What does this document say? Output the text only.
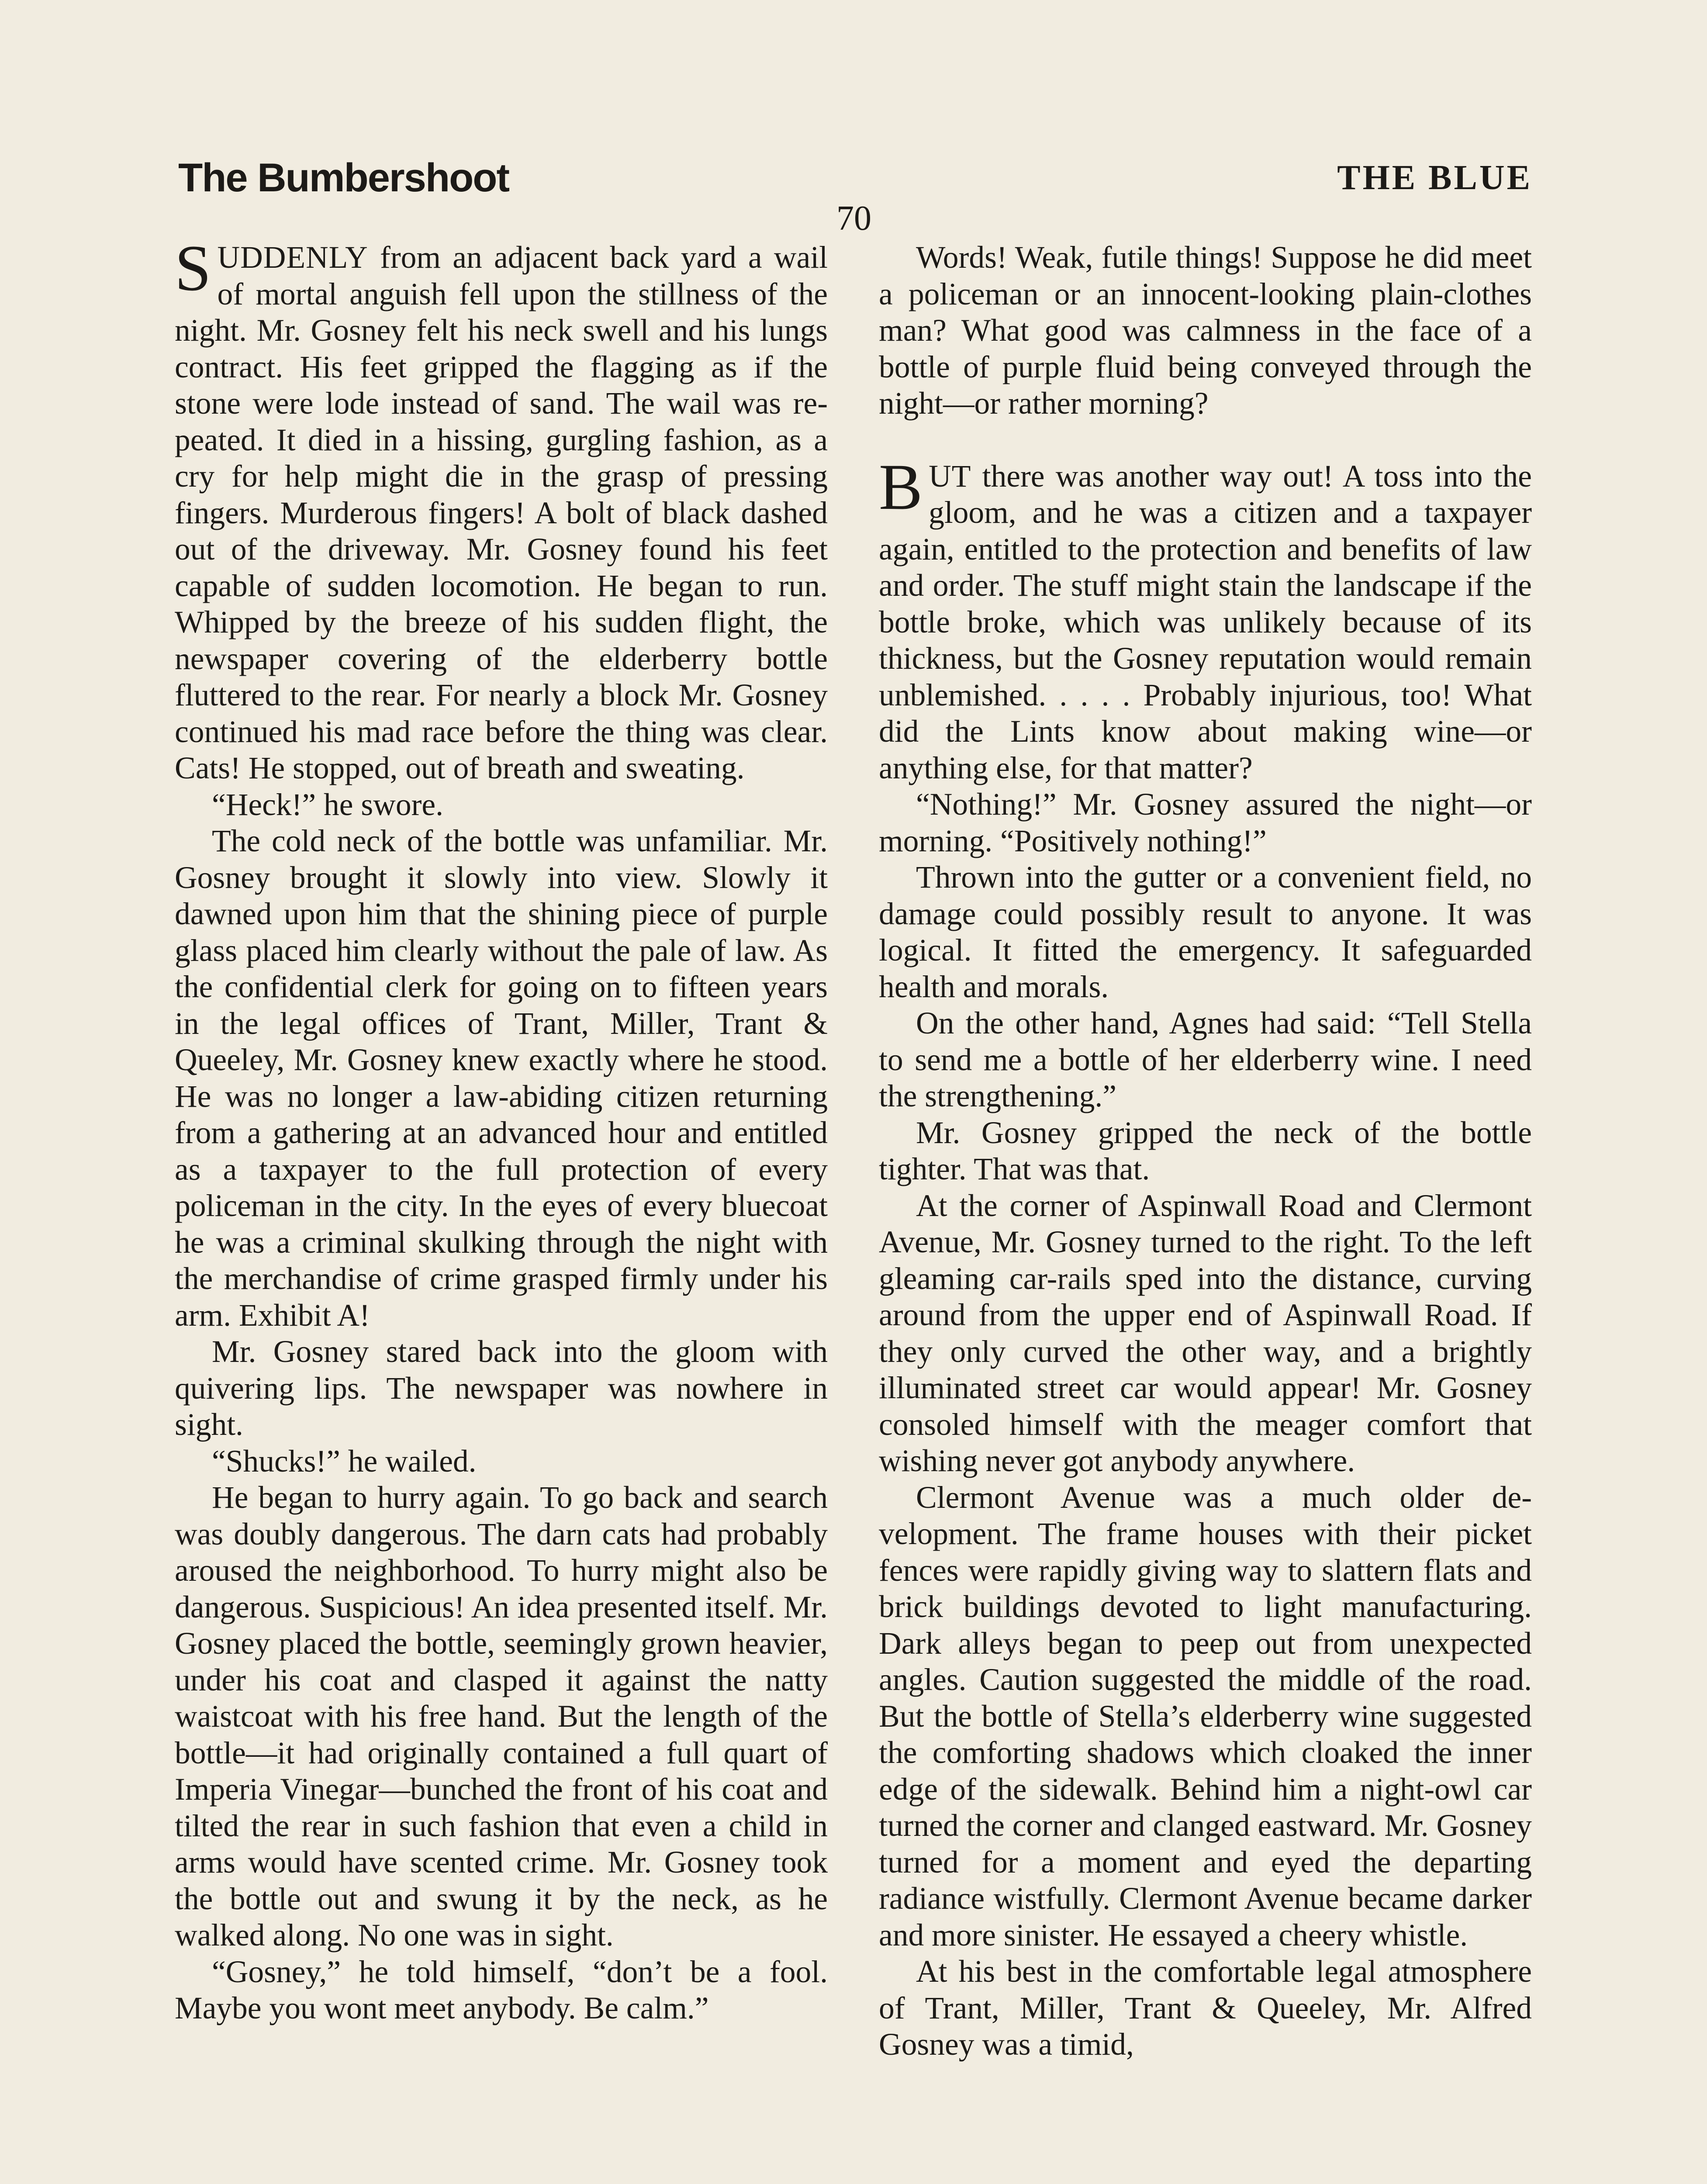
The Bumbershoot	THE BLUE
70

SUDDENLY from an adjacent back yard a wail of mortal anguish fell upon the stillness of the night. Mr. Gosney felt his neck swell and his lungs contract. His feet gripped the flagging as if the stone were lode instead of sand. The wail was repeated. It died in a hissing, gurgling fashion, as a cry for help might die in the grasp of pressing fingers. Murderous fingers! A bolt of black dashed out of the driveway. Mr. Gosney found his feet capable of sudden locomotion. He began to run. Whipped by the breeze of his sudden flight, the newspaper covering of the elderberry bottle fluttered to the rear. For nearly a block Mr. Gosney continued his mad race before the thing was clear. Cats! He stopped, out of breath and sweating.

“Heck!” he swore.

The cold neck of the bottle was unfamiliar. Mr. Gosney brought it slowly into view. Slowly it dawned upon him that the shining piece of purple glass placed him clearly without the pale of law. As the confidential clerk for going on to fifteen years in the legal offices of Trant, Miller, Trant & Queeley, Mr. Gosney knew exactly where he stood. He was no longer a law-abiding citizen returning from a gathering at an advanced hour and entitled as a taxpayer to the full protection of every policeman in the city. In the eyes of every bluecoat he was a criminal skulking through the night with the merchandise of crime grasped firmly under his arm. Exhibit A!

Mr. Gosney stared back into the gloom with quivering lips. The newspaper was nowhere in sight.

“Shucks!” he wailed.

He began to hurry again. To go back and search was doubly dangerous. The darn cats had probably aroused the neighborhood. To hurry might also be dangerous. Suspicious! An idea presented itself. Mr. Gosney placed the bottle, seemingly grown heavier, under his coat and clasped it against the natty waistcoat with his free hand. But the length of the bottle—it had originally contained a full quart of Imperia Vinegar—bunched the front of his coat and tilted the rear in such fashion that even a child in arms would have scented crime. Mr. Gosney took the bottle out and swung it by the neck, as he walked along. No one was in sight.

“Gosney,” he told himself, “don’t be a fool. Maybe you wont meet anybody. Be calm.”

Words! Weak, futile things! Suppose he did meet a policeman or an innocent-looking plain-clothes man? What good was calmness in the face of a bottle of purple fluid being conveyed through the night—or rather morning?

BUT there was another way out! A toss into the gloom, and he was a citizen and a taxpayer again, entitled to the protection and benefits of law and order. The stuff might stain the landscape if the bottle broke, which was unlikely because of its thickness, but the Gosney reputation would remain unblemished. . . . . Probably injurious, too! What did the Lints know about making wine—or anything else, for that matter?

“Nothing!” Mr. Gosney assured the night—or morning. “Positively nothing!”

Thrown into the gutter or a convenient field, no damage could possibly result to anyone. It was logical. It fitted the emergency. It safeguarded health and morals.

On the other hand, Agnes had said: “Tell Stella to send me a bottle of her elderberry wine. I need the strengthening.”

Mr. Gosney gripped the neck of the bottle tighter. That was that.

At the corner of Aspinwall Road and Clermont Avenue, Mr. Gosney turned to the right. To the left gleaming car-rails sped into the distance, curving around from the upper end of Aspinwall Road. If they only curved the other way, and a brightly illuminated street car would appear! Mr. Gosney consoled himself with the meager comfort that wishing never got anybody anywhere.

Clermont Avenue was a much older development. The frame houses with their picket fences were rapidly giving way to slattern flats and brick buildings devoted to light manufacturing. Dark alleys began to peep out from unexpected angles. Caution suggested the middle of the road. But the bottle of Stella’s elderberry wine suggested the comforting shadows which cloaked the inner edge of the sidewalk. Behind him a night-owl car turned the corner and clanged eastward. Mr. Gosney turned for a moment and eyed the departing radiance wistfully. Clermont Avenue became darker and more sinister. He essayed a cheery whistle.

At his best in the comfortable legal atmosphere of Trant, Miller, Trant & Queeley, Mr. Alfred Gosney was a timid,
